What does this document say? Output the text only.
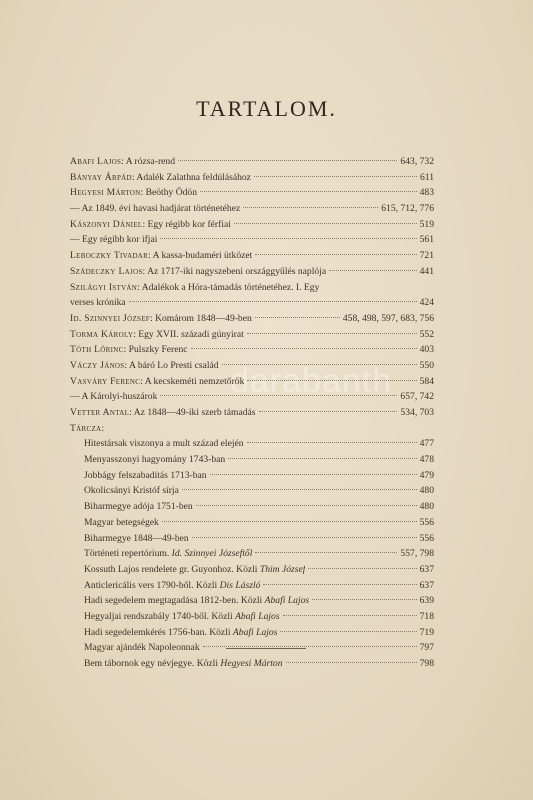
TARTALOM.
darabanth
Abafi Lajos: A rózsa-rend	643, 732
Bányay Árpád: Adalék Zalathna feldúlásához	611
Hegyesi Márton: Beöthy Ödön	483
— Az 1849. évi havasi hadjárat történetéhez	615, 712, 776
Kászonyi Dániel: Egy régibb kor férfiai	519
— Egy régibb kor ifjai	561
Leboczky Tivadar: A kassa-budaméri ütközet	721
Szádeczky Lajos: Az 1717-iki nagyszebeni országgyűlés naplója	441
Szilágyi István: Adalékok a Hóra-támadás történetéhez. I. Egy
verses krónika	424
Id. Szinnyei József: Komárom 1848—49-ben	458, 498, 597, 683, 756
Torma Károly: Egy XVII. századi gúnyirat	552
Tóth Lőrinc: Pulszky Ferenc	403
Váczy János: A báró Lo Presti család	550
Vasváry Ferenc: A kecskeméti nemzetőrök	584
— A Károlyi-huszárok	657, 742
Vetter Antal: Az 1848—49-iki szerb támadás	534, 703
Tárcza:
Hitestársak viszonya a mult század elején	477
Menyasszonyi hagyomány 1743-ban	478
Jobbágy felszabadítás 1713-ban	479
Okolicsányi Kristóf sírja	480
Biharmegye adója 1751-ben	480
Magyar betegségek	556
Biharmegye 1848—49-ben	556
Történeti repertórium. Id. Szinnyei Józseftől	557, 798
Kossuth Lajos rendelete gr. Guyonhoz. Közli Thim József	637
Anticlericális vers 1790-ből. Közli Dis László	637
Hadi segedelem megtagadása 1812-ben. Közli Abafi Lajos	639
Hegyaljai rendszabály 1740-ből. Közli Abafi Lajos	718
Hadi segedelemkérés 1756-ban. Közli Abafi Lajos	719
Magyar ajándék Napoleonnak	797
Bem tábornok egy névjegye. Közli Hegyesi Márton	798
